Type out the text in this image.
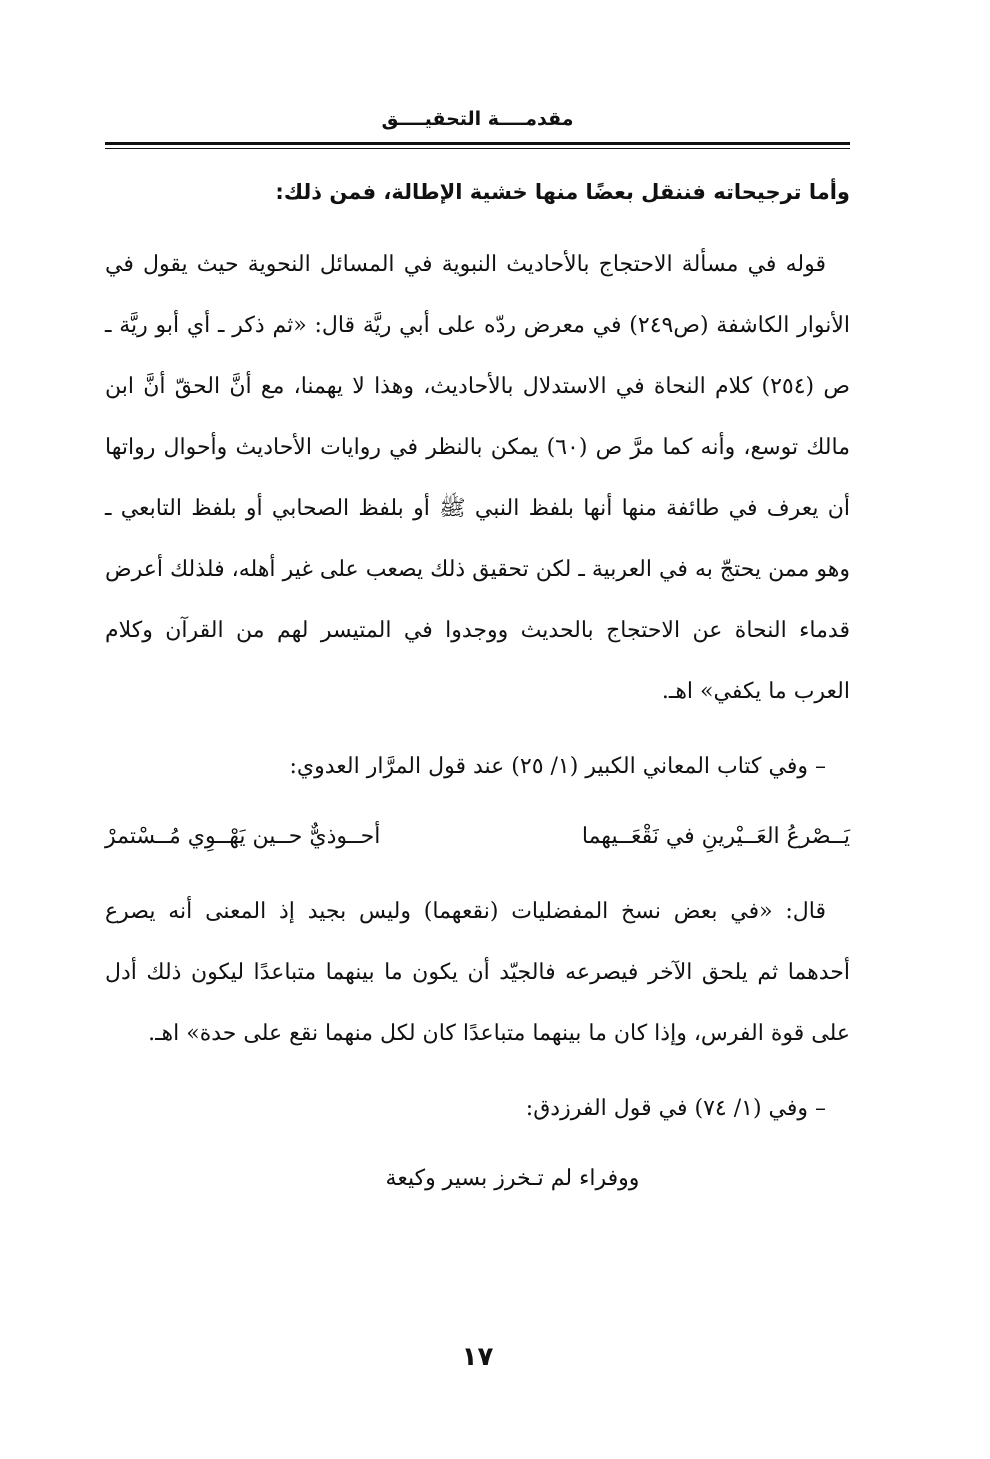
مقدمــــة التحقيــــق

وأما ترجيحاته فننقل بعضًا منها خشية الإطالة، فمن ذلك:

قوله في مسألة الاحتجاج بالأحاديث النبوية في المسائل النحوية حيث يقول في الأنوار الكاشفة (ص٢٤٩) في معرض ردّه على أبي ريَّة قال: «ثم ذكر ـ أي أبو ريَّة ـ ص (٢٥٤) كلام النحاة في الاستدلال بالأحاديث، وهذا لا يهمنا، مع أنَّ الحقّ أنَّ ابن مالك توسع، وأنه كما مرَّ ص (٦٠) يمكن بالنظر في روايات الأحاديث وأحوال رواتها أن يعرف في طائفة منها أنها بلفظ النبي ﷺ أو بلفظ الصحابي أو بلفظ التابعي ـ وهو ممن يحتجّ به في العربية ـ لكن تحقيق ذلك يصعب على غير أهله، فلذلك أعرض قدماء النحاة عن الاحتجاج بالحديث ووجدوا في المتيسر لهم من القرآن وكلام العرب ما يكفي» اهـ.

– وفي كتاب المعاني الكبير (١/ ٢٥) عند قول المرَّار العدوي:

يَــصْرعُ العَــيْرينِ في نَقْعَــيهما
أحــوذيٌّ حــين يَهْــوِي مُــسْتمرْ

قال: «في بعض نسخ المفضليات (نقعهما) وليس بجيد إذ المعنى أنه يصرع أحدهما ثم يلحق الآخر فيصرعه فالجيّد أن يكون ما بينهما متباعدًا ليكون ذلك أدل على قوة الفرس، وإذا كان ما بينهما متباعدًا كان لكل منهما نقع على حدة» اهـ.

– وفي (١/ ٧٤) في قول الفرزدق:

ووفراء لم تـخرز بسير وكيعة
١٧
